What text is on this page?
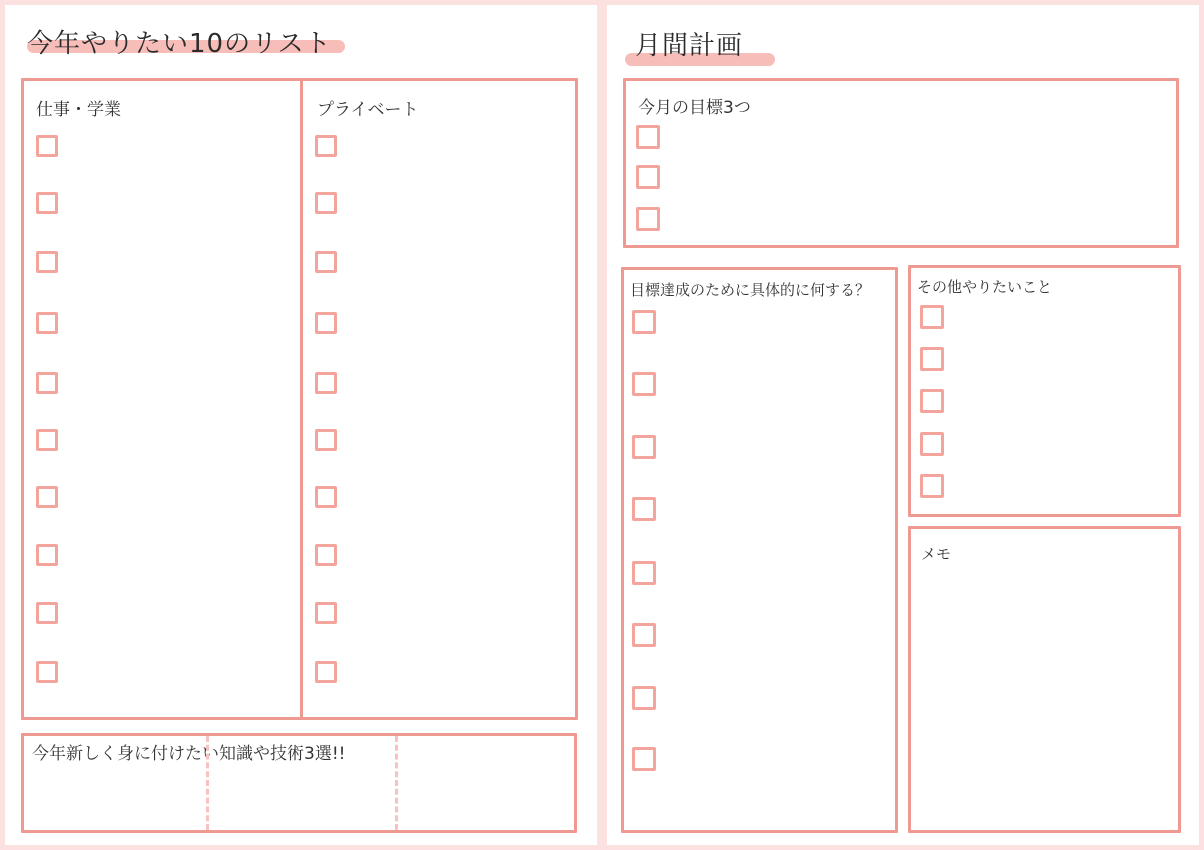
今年やりたい10のリスト
仕事・学業	プライベート
今年新しく身に付けたい知識や技術3選!!
月間計画
今月の目標3つ
目標達成のために具体的に何する？	その他やりたいこと
メモ
